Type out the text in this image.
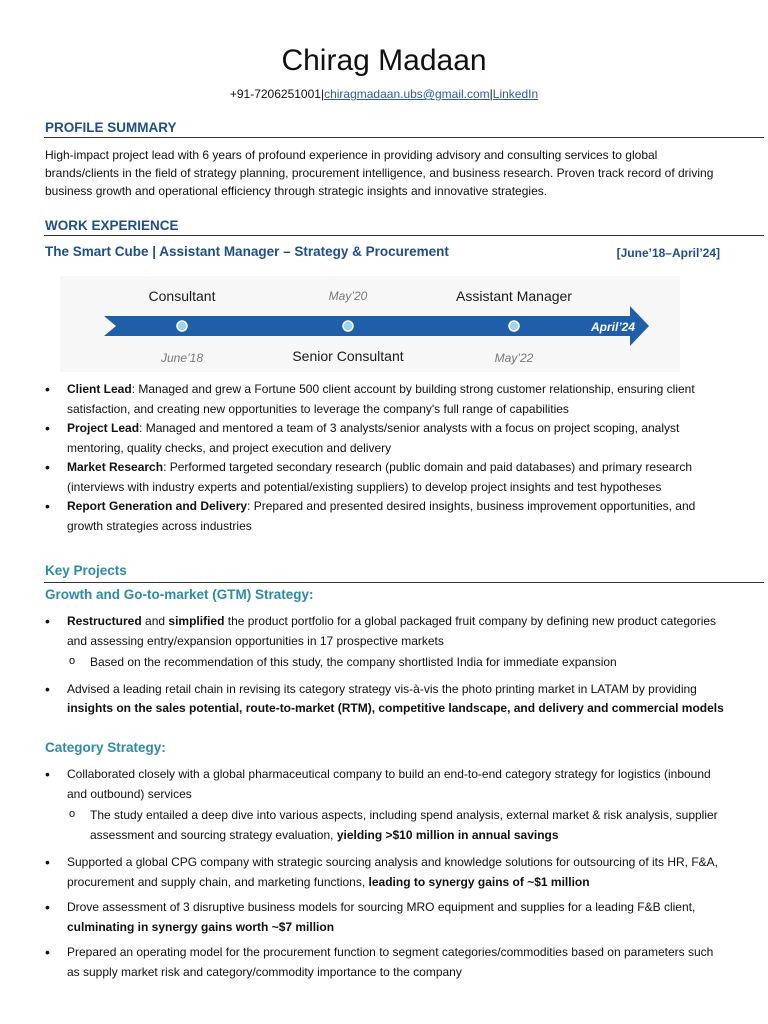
Chirag Madaan
+91-7206251001|chiragmadaan.ubs@gmail.com|LinkedIn
PROFILE SUMMARY
High-impact project lead with 6 years of profound experience in providing advisory and consulting services to global brands/clients in the field of strategy planning, procurement intelligence, and business research. Proven track record of driving business growth and operational efficiency through strategic insights and innovative strategies.
WORK EXPERIENCE
The Smart Cube | Assistant Manager – Strategy & Procurement	[June’18–April’24]
Consultant	May’20	Assistant Manager
April’24
June’18	Senior Consultant	May’22
• Client Lead: Managed and grew a Fortune 500 client account by building strong customer relationship, ensuring client satisfaction, and creating new opportunities to leverage the company's full range of capabilities
• Project Lead: Managed and mentored a team of 3 analysts/senior analysts with a focus on project scoping, analyst mentoring, quality checks, and project execution and delivery
• Market Research: Performed targeted secondary research (public domain and paid databases) and primary research (interviews with industry experts and potential/existing suppliers) to develop project insights and test hypotheses
• Report Generation and Delivery: Prepared and presented desired insights, business improvement opportunities, and growth strategies across industries
Key Projects
Growth and Go-to-market (GTM) Strategy:
• Restructured and simplified the product portfolio for a global packaged fruit company by defining new product categories and assessing entry/expansion opportunities in 17 prospective markets
o Based on the recommendation of this study, the company shortlisted India for immediate expansion
• Advised a leading retail chain in revising its category strategy vis-à-vis the photo printing market in LATAM by providing insights on the sales potential, route-to-market (RTM), competitive landscape, and delivery and commercial models
Category Strategy:
• Collaborated closely with a global pharmaceutical company to build an end-to-end category strategy for logistics (inbound and outbound) services
o The study entailed a deep dive into various aspects, including spend analysis, external market & risk analysis, supplier assessment and sourcing strategy evaluation, yielding >$10 million in annual savings
• Supported a global CPG company with strategic sourcing analysis and knowledge solutions for outsourcing of its HR, F&A, procurement and supply chain, and marketing functions, leading to synergy gains of ~$1 million
• Drove assessment of 3 disruptive business models for sourcing MRO equipment and supplies for a leading F&B client, culminating in synergy gains worth ~$7 million
• Prepared an operating model for the procurement function to segment categories/commodities based on parameters such as supply market risk and category/commodity importance to the company
